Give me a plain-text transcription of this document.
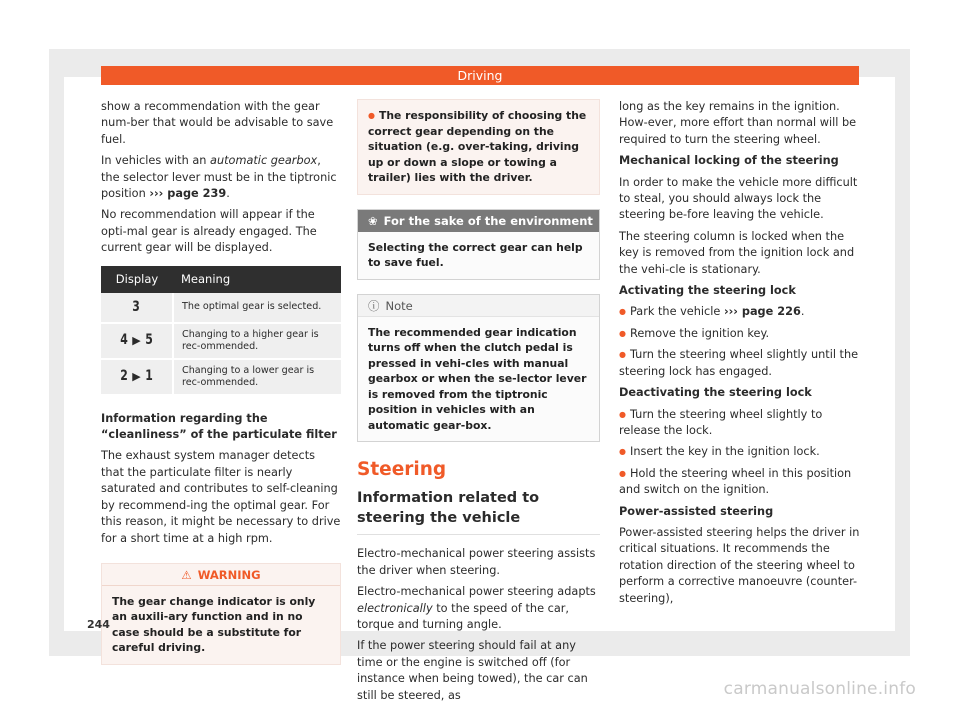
Driving

show a recommendation with the gear num-ber that would be advisable to save fuel.

In vehicles with an automatic gearbox, the selector lever must be in the tiptronic position ››› page 239.

No recommendation will appear if the opti-mal gear is already engaged. The current gear will be displayed.

Display	Meaning
3	The optimal gear is selected.
4 ▶ 5	Changing to a higher gear is rec-ommended.
2 ▶ 1	Changing to a lower gear is rec-ommended.

Information regarding the “cleanliness” of the particulate filter

The exhaust system manager detects that the particulate filter is nearly saturated and contributes to self-cleaning by recommend-ing the optimal gear. For this reason, it might be necessary to drive for a short time at a high rpm.

⚠ WARNING
The gear change indicator is only an auxili-ary function and in no case should be a substitute for careful driving.
● The responsibility of choosing the correct gear depending on the situation (e.g. over-taking, driving up or down a slope or towing a trailer) lies with the driver.
❀ For the sake of the environment
Selecting the correct gear can help to save fuel.
ⓘ Note
The recommended gear indication turns off when the clutch pedal is pressed in vehi-cles with manual gearbox or when the se-lector lever is removed from the tiptronic position in vehicles with an automatic gear-box.
Steering
Information related to steering the vehicle

Electro-mechanical power steering assists the driver when steering.

Electro-mechanical power steering adapts electronically to the speed of the car, torque and turning angle.

If the power steering should fail at any time or the engine is switched off (for instance when being towed), the car can still be steered, as

long as the key remains in the ignition. How-ever, more effort than normal will be required to turn the steering wheel.

Mechanical locking of the steering

In order to make the vehicle more difficult to steal, you should always lock the steering be-fore leaving the vehicle.

The steering column is locked when the key is removed from the ignition lock and the vehi-cle is stationary.

Activating the steering lock

● Park the vehicle ››› page 226.

● Remove the ignition key.

● Turn the steering wheel slightly until the steering lock has engaged.

Deactivating the steering lock

● Turn the steering wheel slightly to release the lock.

● Insert the key in the ignition lock.

● Hold the steering wheel in this position and switch on the ignition.

Power-assisted steering

Power-assisted steering helps the driver in critical situations. It recommends the rotation direction of the steering wheel to perform a corrective manoeuvre (counter-steering),

244
carmanualsonline.info
